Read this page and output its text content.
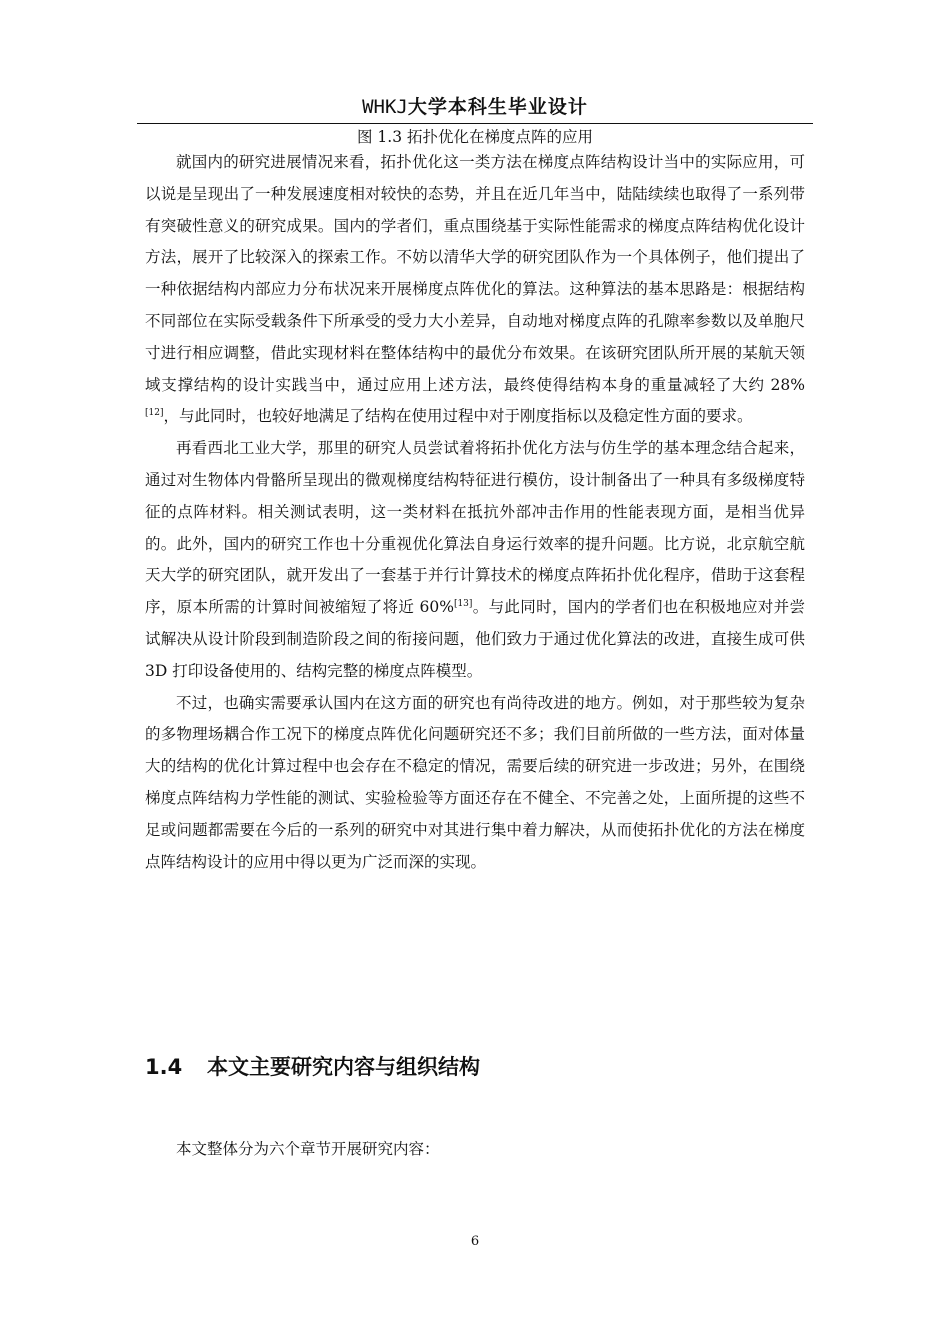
WHKJ大学本科生毕业设计
图 1.3 拓扑优化在梯度点阵的应用

就国内的研究进展情况来看，拓扑优化这一类方法在梯度点阵结构设计当中的实际应用，可以说是呈现出了一种发展速度相对较快的态势，并且在近几年当中，陆陆续续也取得了一系列带有突破性意义的研究成果。国内的学者们，重点围绕基于实际性能需求的梯度点阵结构优化设计方法，展开了比较深入的探索工作。不妨以清华大学的研究团队作为一个具体例子，他们提出了一种依据结构内部应力分布状况来开展梯度点阵优化的算法。这种算法的基本思路是：根据结构不同部位在实际受载条件下所承受的受力大小差异，自动地对梯度点阵的孔隙率参数以及单胞尺寸进行相应调整，借此实现材料在整体结构中的最优分布效果。在该研究团队所开展的某航天领域支撑结构的设计实践当中，通过应用上述方法，最终使得结构本身的重量减轻了大约 28%[12]，与此同时，也较好地满足了结构在使用过程中对于刚度指标以及稳定性方面的要求。

再看西北工业大学，那里的研究人员尝试着将拓扑优化方法与仿生学的基本理念结合起来，通过对生物体内骨骼所呈现出的微观梯度结构特征进行模仿，设计制备出了一种具有多级梯度特征的点阵材料。相关测试表明，这一类材料在抵抗外部冲击作用的性能表现方面，是相当优异的。此外，国内的研究工作也十分重视优化算法自身运行效率的提升问题。比方说，北京航空航天大学的研究团队，就开发出了一套基于并行计算技术的梯度点阵拓扑优化程序，借助于这套程序，原本所需的计算时间被缩短了将近 60%[13]。与此同时，国内的学者们也在积极地应对并尝试解决从设计阶段到制造阶段之间的衔接问题，他们致力于通过优化算法的改进，直接生成可供 3D 打印设备使用的、结构完整的梯度点阵模型。

不过，也确实需要承认国内在这方面的研究也有尚待改进的地方。例如，对于那些较为复杂的多物理场耦合作工况下的梯度点阵优化问题研究还不多；我们目前所做的一些方法，面对体量大的结构的优化计算过程中也会存在不稳定的情况，需要后续的研究进一步改进；另外，在围绕梯度点阵结构力学性能的测试、实验检验等方面还存在不健全、不完善之处，上面所提的这些不足或问题都需要在今后的一系列的研究中对其进行集中着力解决，从而使拓扑优化的方法在梯度点阵结构设计的应用中得以更为广泛而深的实现。

1.4 本文主要研究内容与组织结构
本文整体分为六个章节开展研究内容：
6
